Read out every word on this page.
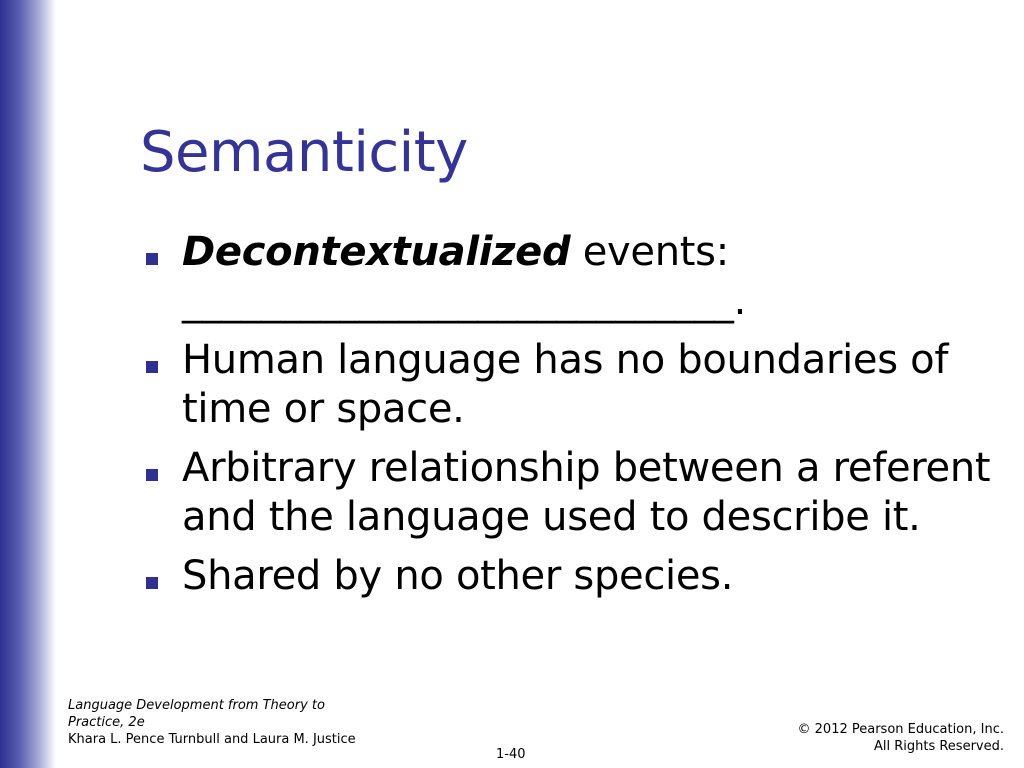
Semanticity
Decontextualized events:
____________________________.
Human language has no boundaries of time or space.
Arbitrary relationship between a referent and the language used to describe it.
Shared by no other species.
Language Development from Theory to Practice, 2e
Khara L. Pence Turnbull and Laura M. Justice
© 2012 Pearson Education, Inc.
All Rights Reserved.
1-40
